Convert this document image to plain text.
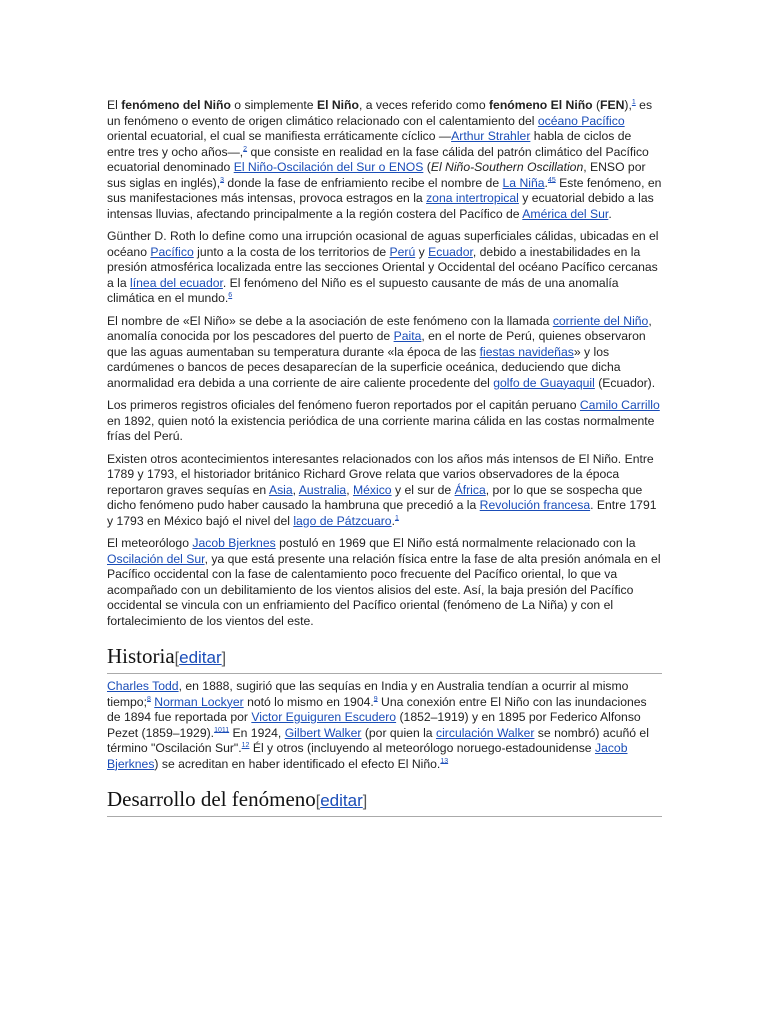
El fenómeno del Niño o simplemente El Niño, a veces referido como fenómeno El Niño (FEN),$^1$ es un fenómeno o evento de origen climático relacionado con el calentamiento del océano Pacífico oriental ecuatorial, el cual se manifiesta erráticamente cíclico —Arthur Strahler habla de ciclos de entre tres y ocho años—,$^2$ que consiste en realidad en la fase cálida del patrón climático del Pacífico ecuatorial denominado El Niño-Oscilación del Sur o ENOS (El Niño-Southern Oscillation, ENSO por sus siglas en inglés),$^3$ donde la fase de enfriamiento recibe el nombre de La Niña.$^{45}$ Este fenómeno, en sus manifestaciones más intensas, provoca estragos en la zona intertropical y ecuatorial debido a las intensas lluvias, afectando principalmente a la región costera del Pacífico de América del Sur.

Günther D. Roth lo define como una irrupción ocasional de aguas superficiales cálidas, ubicadas en el océano Pacífico junto a la costa de los territorios de Perú y Ecuador, debido a inestabilidades en la presión atmosférica localizada entre las secciones Oriental y Occidental del océano Pacífico cercanas a la línea del ecuador. El fenómeno del Niño es el supuesto causante de más de una anomalía climática en el mundo.$^6$

El nombre de «El Niño» se debe a la asociación de este fenómeno con la llamada corriente del Niño, anomalía conocida por los pescadores del puerto de Paita, en el norte de Perú, quienes observaron que las aguas aumentaban su temperatura durante «la época de las fiestas navideñas» y los cardúmenes o bancos de peces desaparecían de la superficie oceánica, deduciendo que dicha anormalidad era debida a una corriente de aire caliente procedente del golfo de Guayaquil (Ecuador).

Los primeros registros oficiales del fenómeno fueron reportados por el capitán peruano Camilo Carrillo en 1892, quien notó la existencia periódica de una corriente marina cálida en las costas normalmente frías del Perú.

Existen otros acontecimientos interesantes relacionados con los años más intensos de El Niño. Entre 1789 y 1793, el historiador británico Richard Grove relata que varios observadores de la época reportaron graves sequías en Asia, Australia, México y el sur de África, por lo que se sospecha que dicho fenómeno pudo haber causado la hambruna que precedió a la Revolución francesa. Entre 1791 y 1793 en México bajó el nivel del lago de Pátzcuaro.$^1$

El meteorólogo Jacob Bjerknes postuló en 1969 que El Niño está normalmente relacionado con la Oscilación del Sur, ya que está presente una relación física entre la fase de alta presión anómala en el Pacífico occidental con la fase de calentamiento poco frecuente del Pacífico oriental, lo que va acompañado con un debilitamiento de los vientos alisios del este. Así, la baja presión del Pacífico occidental se vincula con un enfriamiento del Pacífico oriental (fenómeno de La Niña) y con el fortalecimiento de los vientos del este.

Historia[editar]

Charles Todd, en 1888, sugirió que las sequías en India y en Australia tendían a ocurrir al mismo tiempo;$^8$ Norman Lockyer notó lo mismo en 1904.$^9$ Una conexión entre El Niño con las inundaciones de 1894 fue reportada por Victor Eguiguren Escudero (1852–1919) y en 1895 por Federico Alfonso Pezet (1859–1929).$^{1011}$ En 1924, Gilbert Walker (por quien la circulación Walker se nombró) acuñó el término "Oscilación Sur".$^{12}$ Él y otros (incluyendo al meteorólogo noruego-estadounidense Jacob Bjerknes) se acreditan en haber identificado el efecto El Niño.$^{13}$

Desarrollo del fenómeno[editar]
